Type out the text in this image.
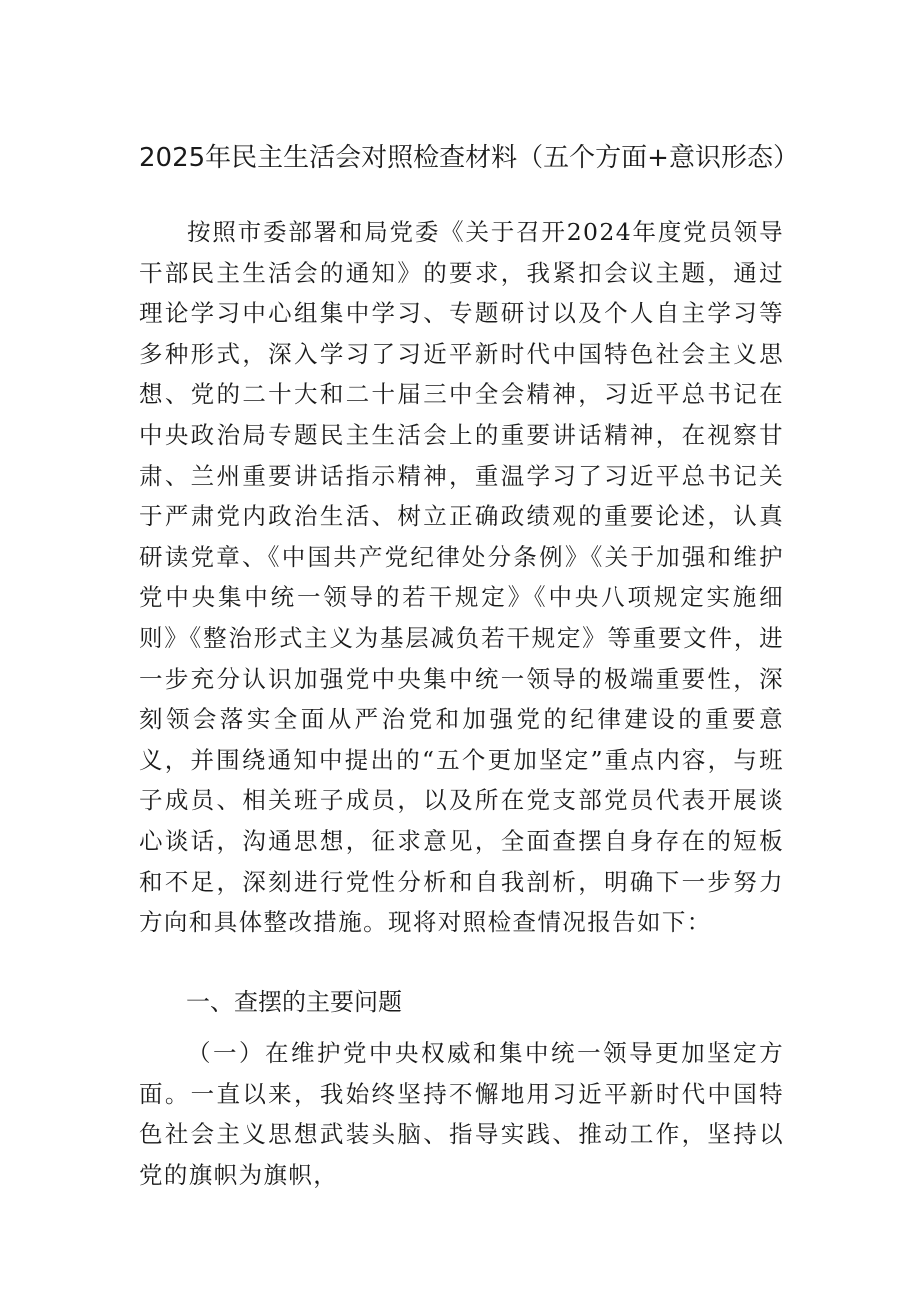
2025年民主生活会对照检查材料（五个方面+意识形态）

按照市委部署和局党委《关于召开2024年度党员领导干部民主生活会的通知》的要求，我紧扣会议主题，通过理论学习中心组集中学习、专题研讨以及个人自主学习等多种形式，深入学习了习近平新时代中国特色社会主义思想、党的二十大和二十届三中全会精神，习近平总书记在中央政治局专题民主生活会上的重要讲话精神，在视察甘肃、兰州重要讲话指示精神，重温学习了习近平总书记关于严肃党内政治生活、树立正确政绩观的重要论述，认真研读党章、《中国共产党纪律处分条例》《关于加强和维护党中央集中统一领导的若干规定》《中央八项规定实施细则》《整治形式主义为基层减负若干规定》等重要文件，进一步充分认识加强党中央集中统一领导的极端重要性，深刻领会落实全面从严治党和加强党的纪律建设的重要意义，并围绕通知中提出的“五个更加坚定”重点内容，与班子成员、相关班子成员，以及所在党支部党员代表开展谈心谈话，沟通思想，征求意见，全面查摆自身存在的短板和不足，深刻进行党性分析和自我剖析，明确下一步努力方向和具体整改措施。现将对照检查情况报告如下：

一、查摆的主要问题

（一）在维护党中央权威和集中统一领导更加坚定方面。一直以来，我始终坚持不懈地用习近平新时代中国特色社会主义思想武装头脑、指导实践、推动工作，坚持以党的旗帜为旗帜，
